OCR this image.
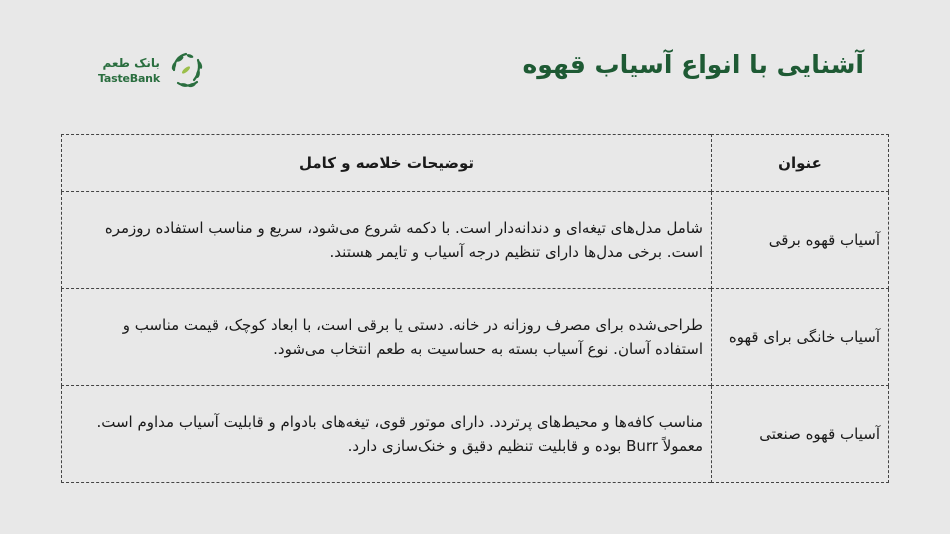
آشنایی با انواع آسیاب قهوه
بانک طعم
TasteBank
عنوان	توضیحات خلاصه و کامل
آسیاب قهوه برقی	شامل مدل‌های تیغه‌ای و دندانه‌دار است. با دکمه شروع می‌شود، سریع و مناسب استفاده روزمره است. برخی مدل‌ها دارای تنظیم درجه آسیاب و تایمر هستند.
آسیاب خانگی برای قهوه	طراحی‌شده برای مصرف روزانه در خانه. دستی یا برقی است، با ابعاد کوچک، قیمت مناسب و استفاده آسان. نوع آسیاب بسته به حساسیت به طعم انتخاب می‌شود.
آسیاب قهوه صنعتی	مناسب کافه‌ها و محیط‌های پرتردد. دارای موتور قوی، تیغه‌های بادوام و قابلیت آسیاب مداوم است. معمولاً Burr بوده و قابلیت تنظیم دقیق و خنک‌سازی دارد.
